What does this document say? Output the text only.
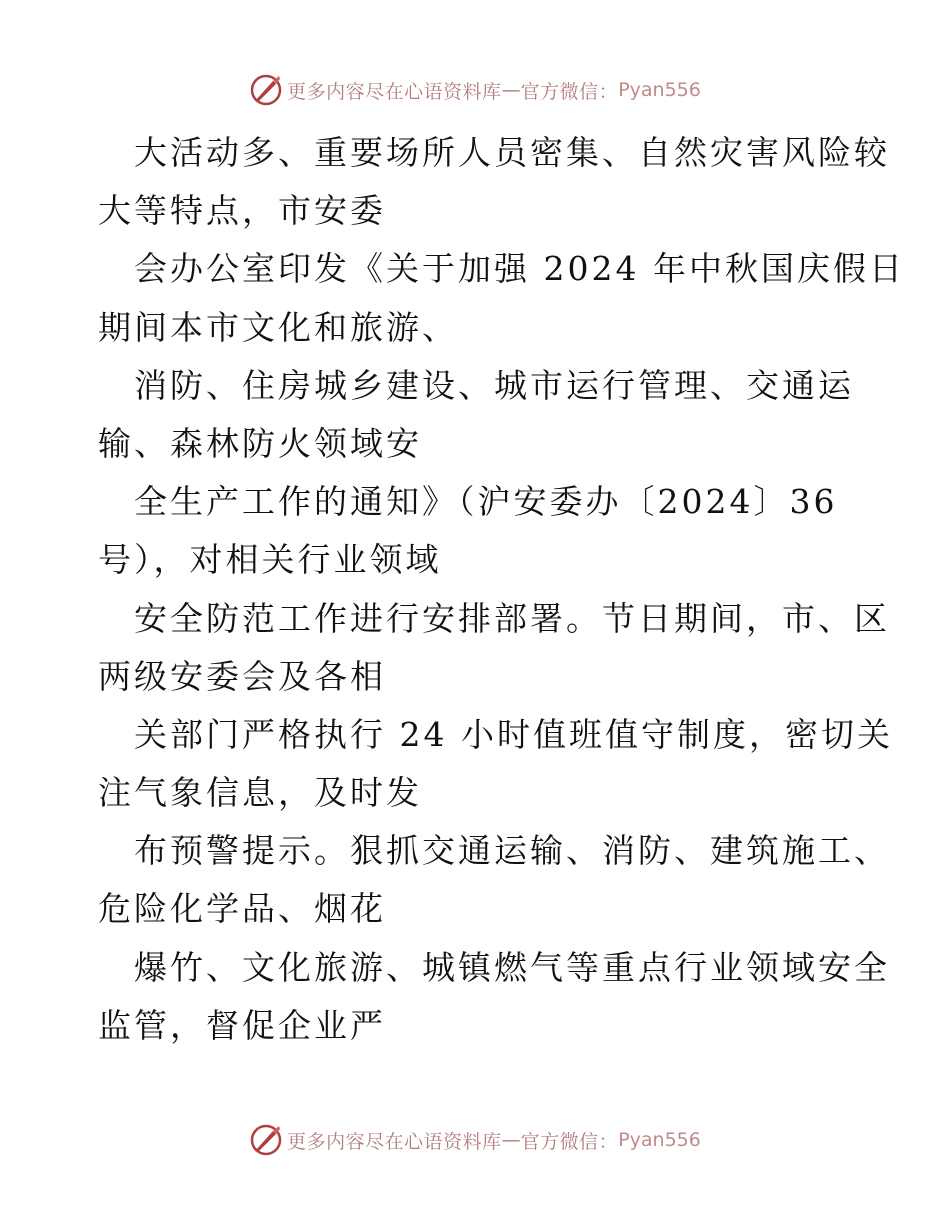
更多内容尽在心语资料库 — 官方微信： Pyan556
大活动多、重要场所人员密集、自然灾害风险较
大等特点，市安委
会办公室印发《关于加强 2024 年中秋国庆假日
期间本市文化和旅游、
消防、住房城乡建设、城市运行管理、交通运
输、森林防火领域安
全生产工作的通知》（沪安委办〔2024〕36
号），对相关行业领域
安全防范工作进行安排部署。节日期间，市、区
两级安委会及各相
关部门严格执行 24 小时值班值守制度，密切关
注气象信息，及时发
布预警提示。狠抓交通运输、消防、建筑施工、
危险化学品、烟花
爆竹、文化旅游、城镇燃气等重点行业领域安全
监管，督促企业严
更多内容尽在心语资料库 — 官方微信： Pyan556
